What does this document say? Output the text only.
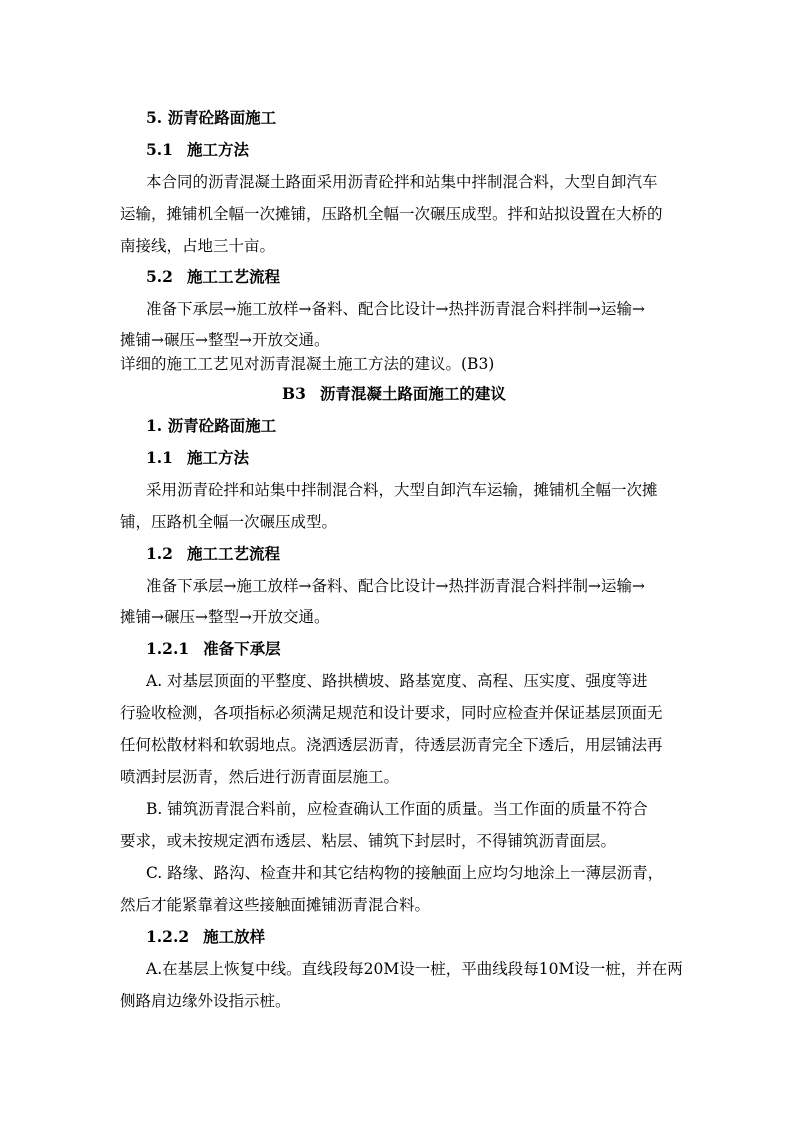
5. 沥青砼路面施工
5.1 施工方法
本合同的沥青混凝土路面采用沥青砼拌和站集中拌制混合料，大型自卸汽车
运输，摊铺机全幅一次摊铺，压路机全幅一次碾压成型。拌和站拟设置在大桥的
南接线，占地三十亩。
5.2 施工工艺流程
准备下承层→施工放样→备料、配合比设计→热拌沥青混合料拌制→运输→
摊铺→碾压→整型→开放交通。
详细的施工工艺见对沥青混凝土施工方法的建议。(B3)
B3 沥青混凝土路面施工的建议
1. 沥青砼路面施工
1.1 施工方法
采用沥青砼拌和站集中拌制混合料，大型自卸汽车运输，摊铺机全幅一次摊
铺，压路机全幅一次碾压成型。
1.2 施工工艺流程
准备下承层→施工放样→备料、配合比设计→热拌沥青混合料拌制→运输→
摊铺→碾压→整型→开放交通。
1.2.1 准备下承层
A. 对基层顶面的平整度、路拱横坡、路基宽度、高程、压实度、强度等进
行验收检测，各项指标必须满足规范和设计要求，同时应检查并保证基层顶面无
任何松散材料和软弱地点。浇洒透层沥青，待透层沥青完全下透后，用层铺法再
喷洒封层沥青，然后进行沥青面层施工。
B. 铺筑沥青混合料前，应检查确认工作面的质量。当工作面的质量不符合
要求，或未按规定洒布透层、粘层、铺筑下封层时，不得铺筑沥青面层。
C. 路缘、路沟、检查井和其它结构物的接触面上应均匀地涂上一薄层沥青，
然后才能紧靠着这些接触面摊铺沥青混合料。
1.2.2 施工放样
A.在基层上恢复中线。直线段每20M设一桩，平曲线段每10M设一桩，并在两
侧路肩边缘外设指示桩。
